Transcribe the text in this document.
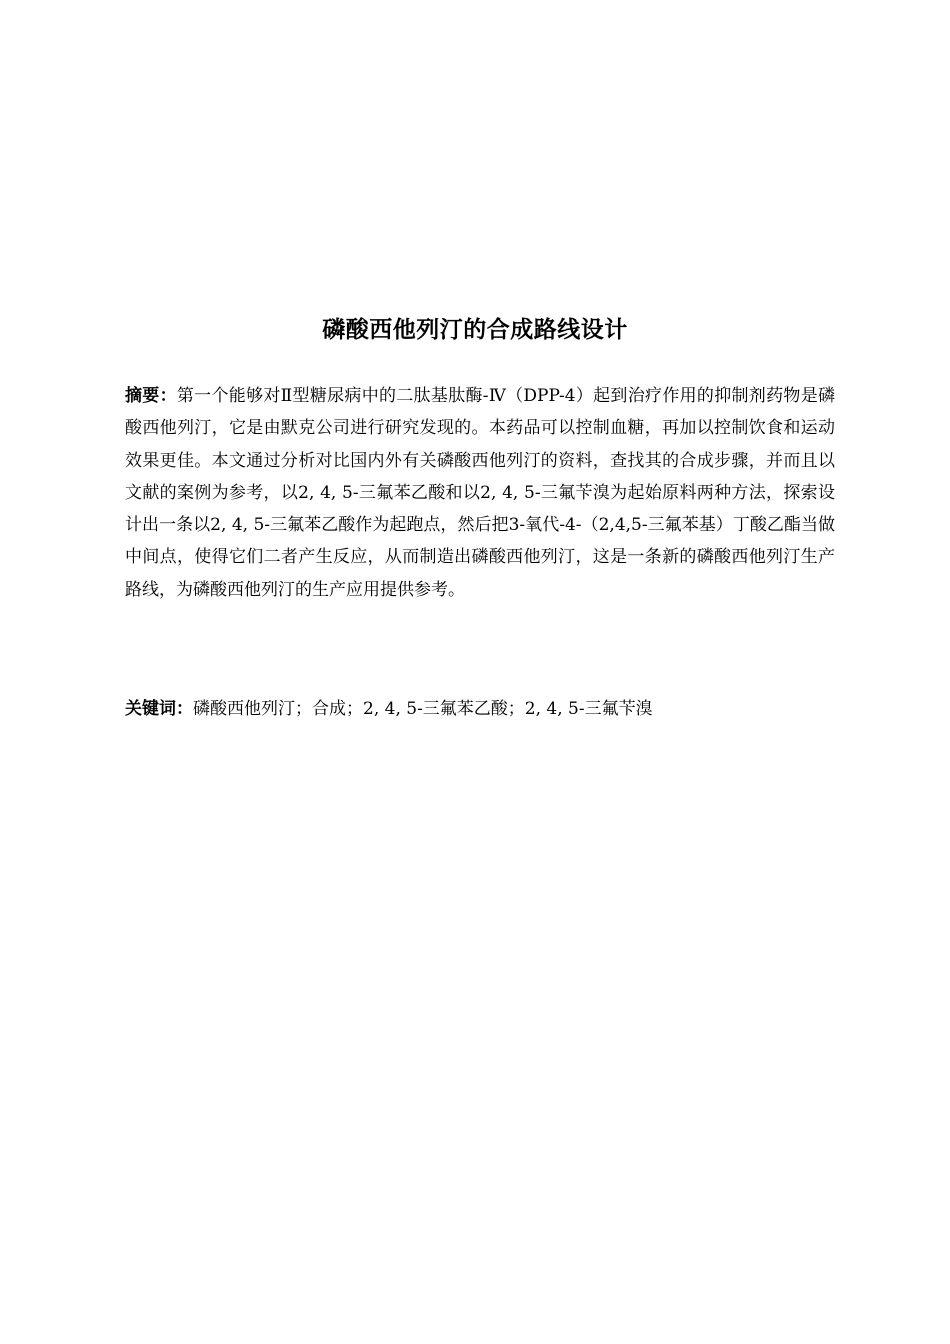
磷酸西他列汀的合成路线设计

摘要：第一个能够对Ⅱ型糖尿病中的二肽基肽酶-Ⅳ（DPP-4）起到治疗作用的抑制剂药物是磷酸西他列汀，它是由默克公司进行研究发现的。本药品可以控制血糖，再加以控制饮食和运动效果更佳。本文通过分析对比国内外有关磷酸西他列汀的资料，查找其的合成步骤，并而且以文献的案例为参考，以2, 4, 5-三氟苯乙酸和以2, 4, 5-三氟苄溴为起始原料两种方法，探索设计出一条以2, 4, 5-三氟苯乙酸作为起跑点，然后把3-氧代-4-（2,4,5-三氟苯基）丁酸乙酯当做中间点，使得它们二者产生反应，从而制造出磷酸西他列汀，这是一条新的磷酸西他列汀生产路线，为磷酸西他列汀的生产应用提供参考。

关键词：磷酸西他列汀；合成；2, 4, 5-三氟苯乙酸；2, 4, 5-三氟苄溴
